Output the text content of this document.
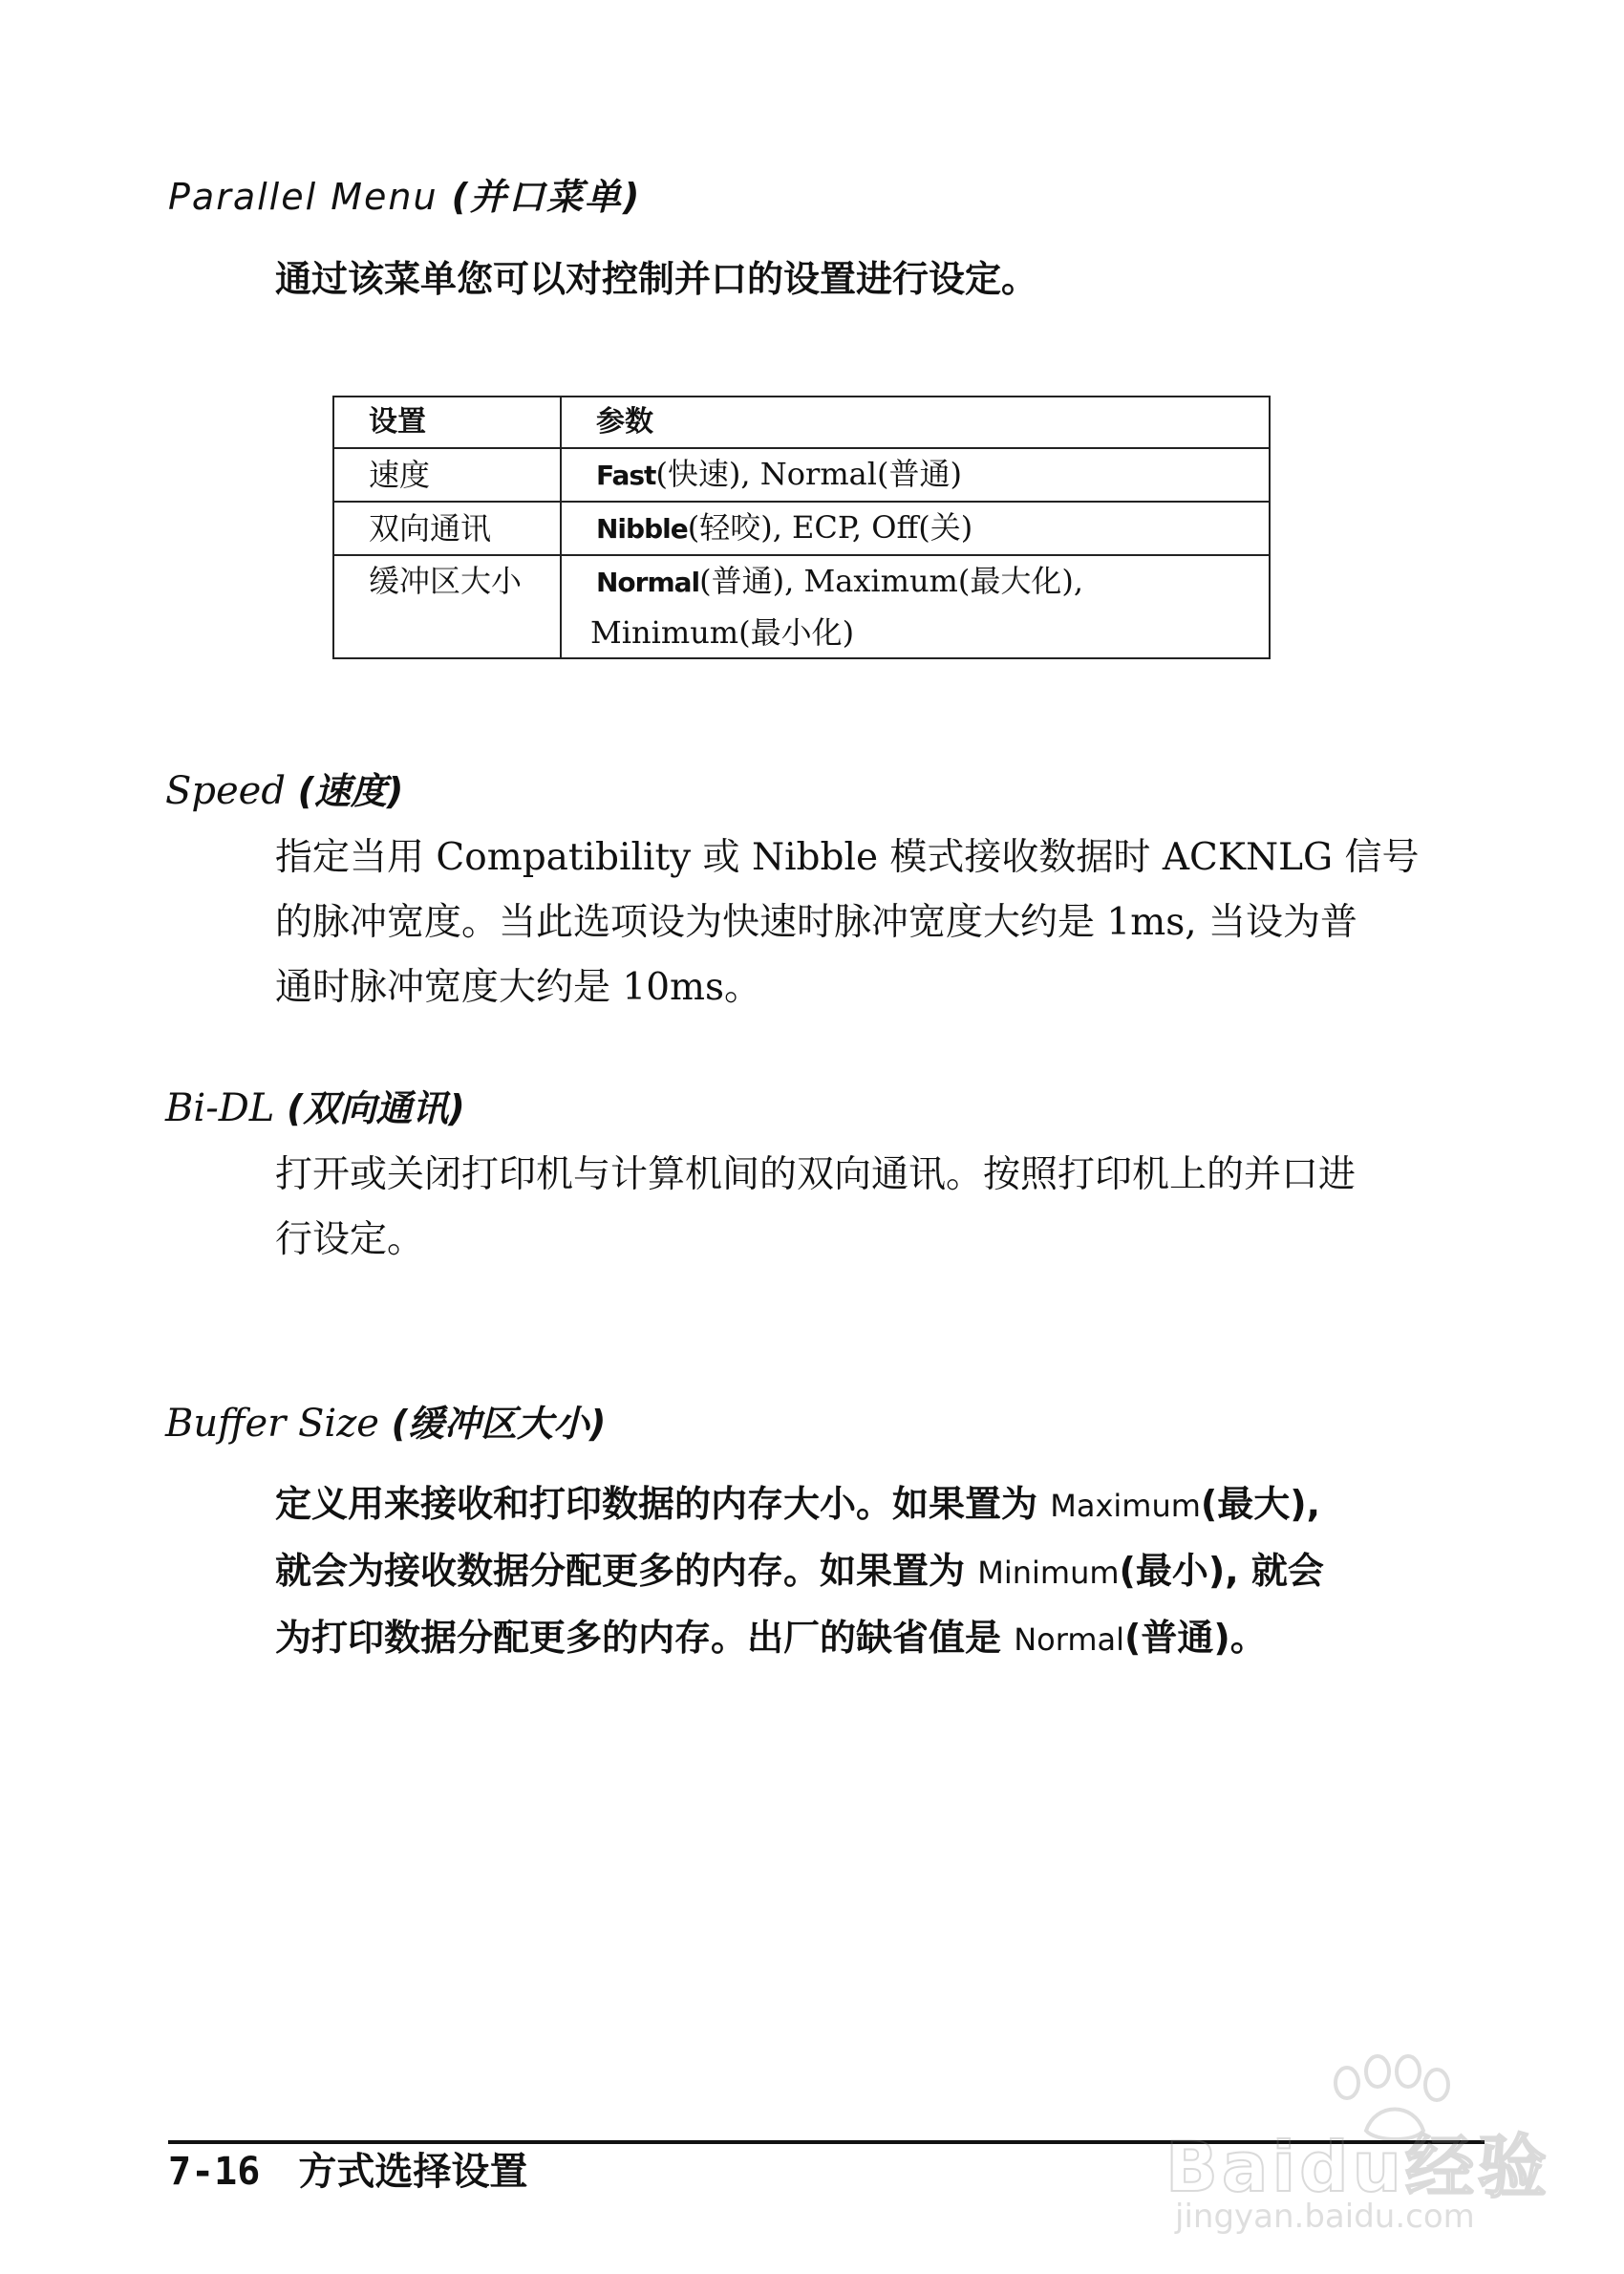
Parallel Menu (并口菜单)
通过该菜单您可以对控制并口的设置进行设定。
设置	参数
速度	Fast(快速), Normal(普通)
双向通讯	Nibble(轻咬), ECP, Off(关)
缓冲区大小	Normal(普通), Maximum(最大化),
Minimum(最小化)
Speed (速度)
指定当用 Compatibility 或 Nibble 模式接收数据时 ACKNLG 信号
的脉冲宽度。当此选项设为快速时脉冲宽度大约是 1ms, 当设为普
通时脉冲宽度大约是 10ms。
Bi-DL (双向通讯)
打开或关闭打印机与计算机间的双向通讯。按照打印机上的并口进
行设定。
Buffer Size (缓冲区大小)
定义用来接收和打印数据的内存大小。如果置为 Maximum(最大),
就会为接收数据分配更多的内存。如果置为 Minimum(最小), 就会
为打印数据分配更多的内存。出厂的缺省值是 Normal(普通)。
7-16 方式选择设置	Baidu经验
jingyan.baidu.com
